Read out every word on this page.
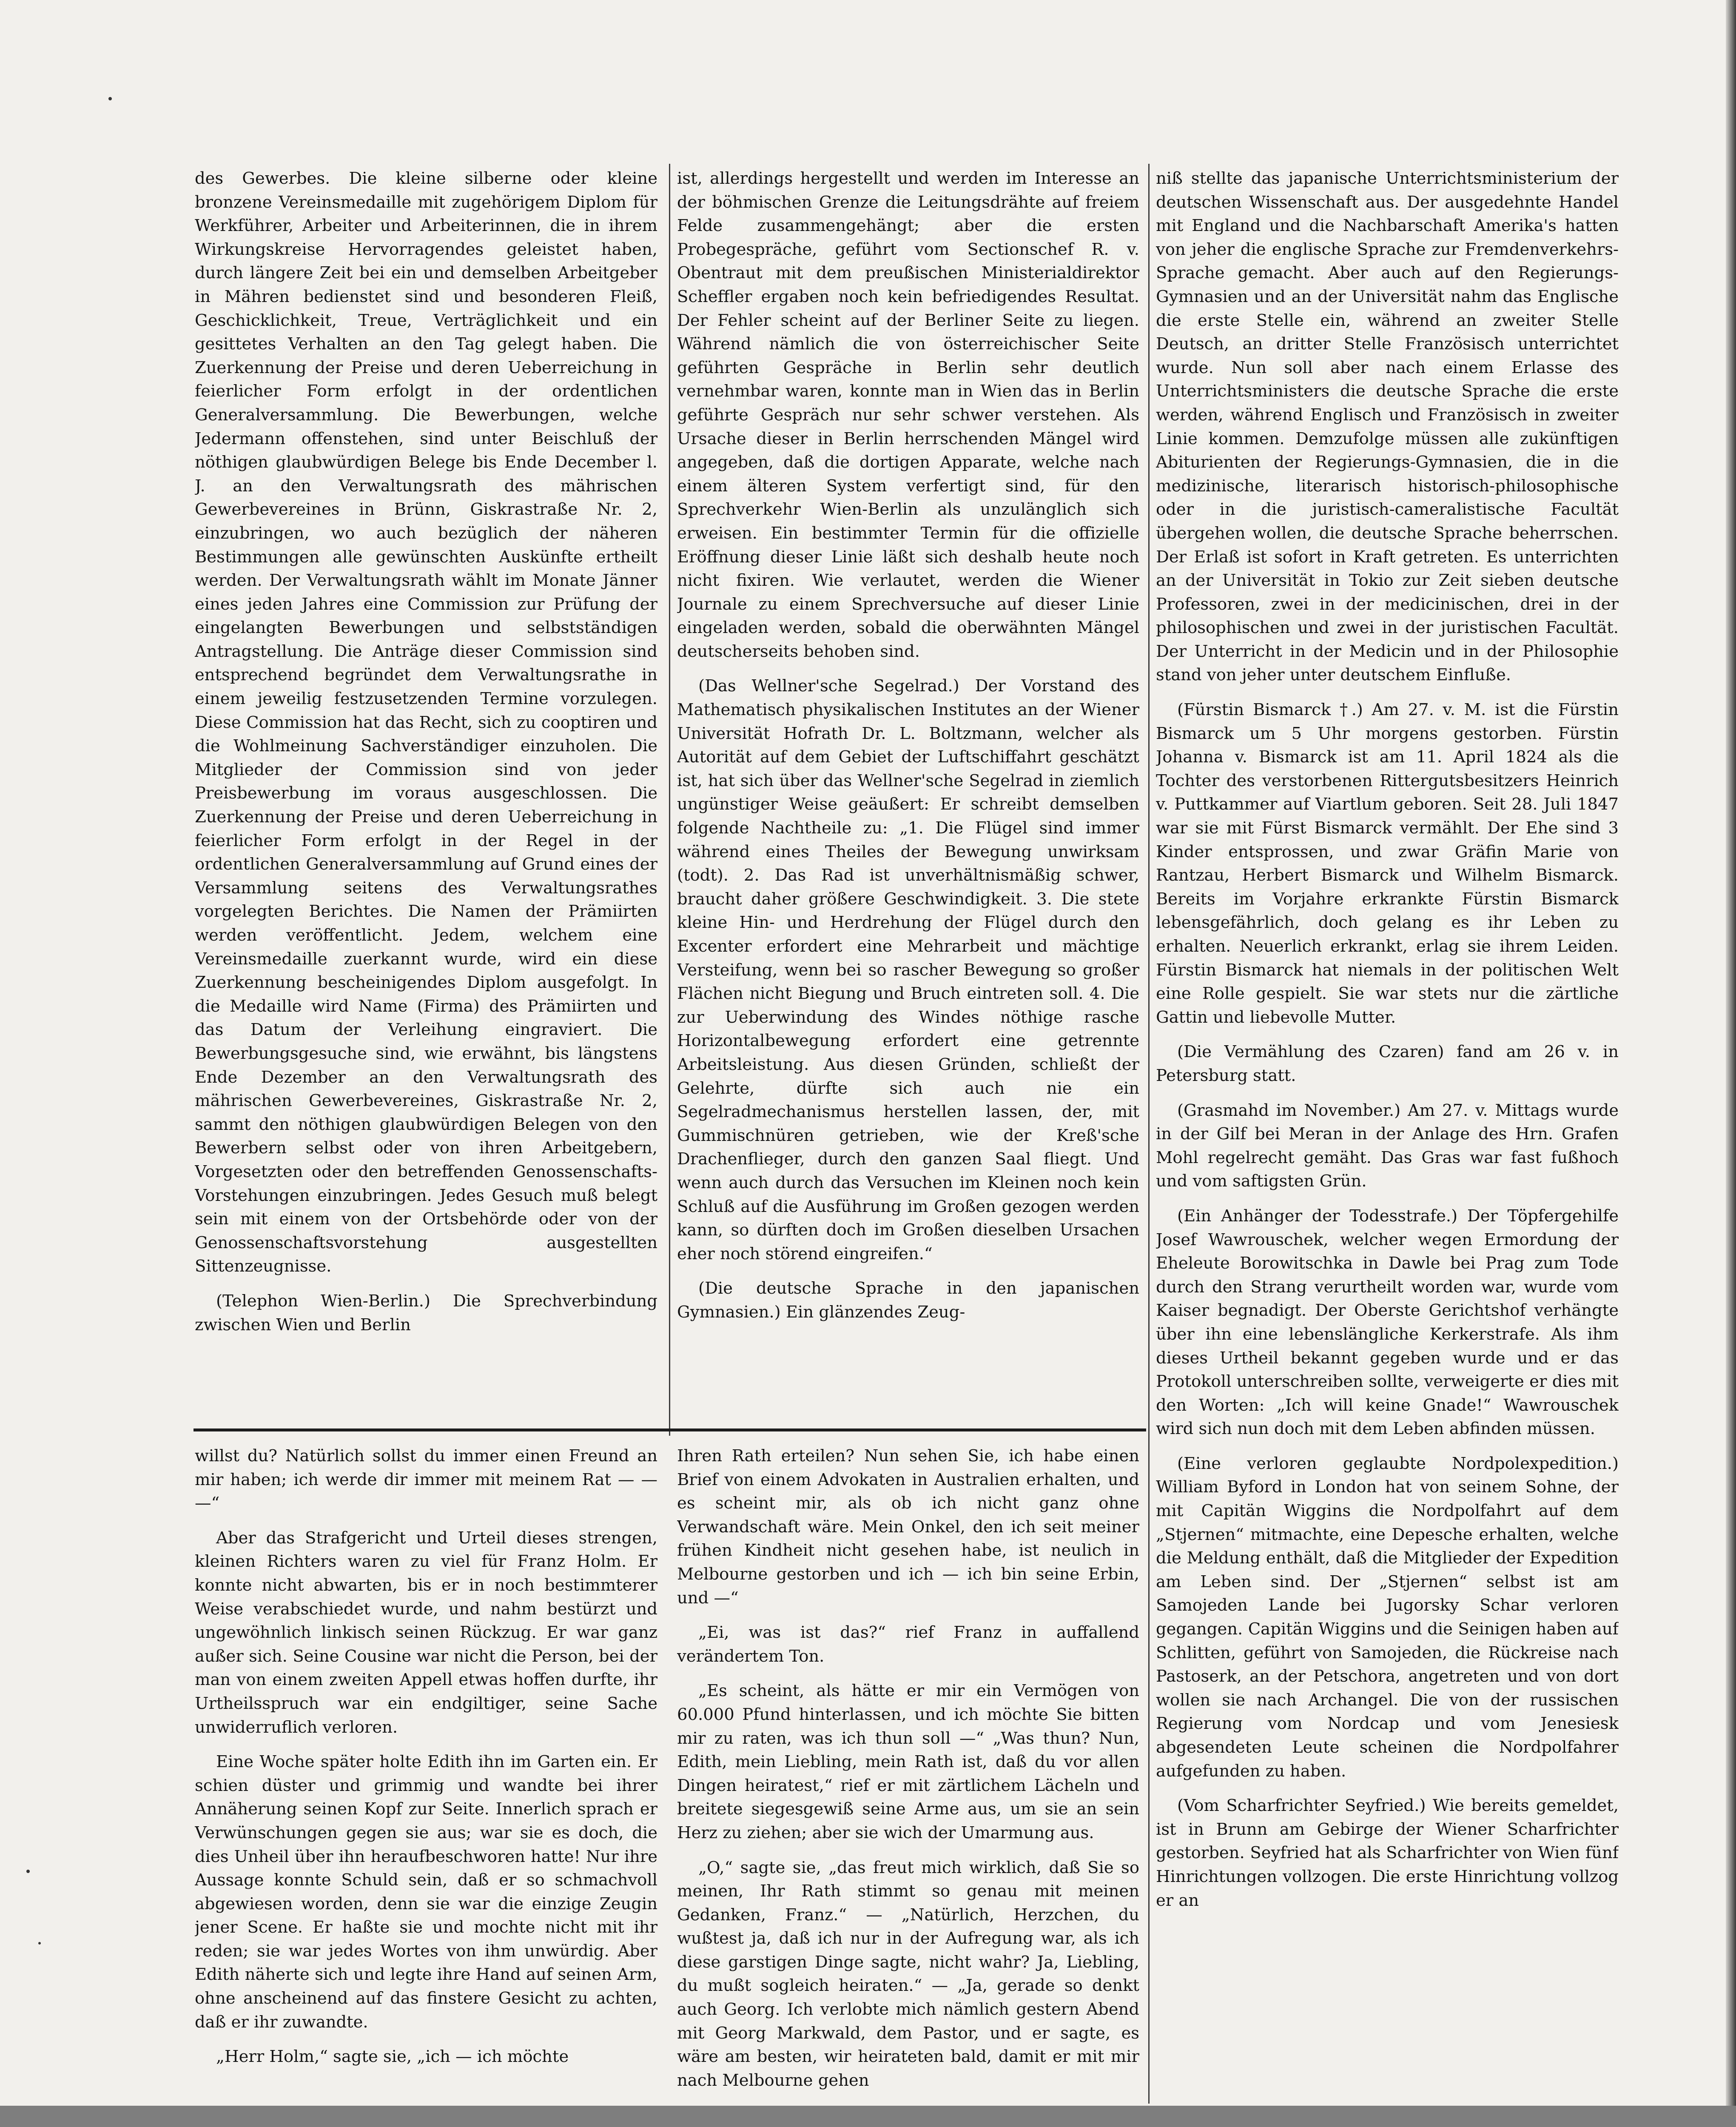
des Gewerbes. Die kleine silberne oder kleine bronzene Vereinsmedaille mit zugehörigem Diplom für Werkführer, Arbeiter und Arbeiterinnen, die in ihrem Wirkungskreise Hervorragendes geleistet haben, durch längere Zeit bei ein und demselben Arbeitgeber in Mähren bedienstet sind und besonderen Fleiß, Geschicklichkeit, Treue, Verträglichkeit und ein gesittetes Verhalten an den Tag gelegt haben. Die Zuerkennung der Preise und deren Ueberreichung in feierlicher Form erfolgt in der ordentlichen Generalversammlung. Die Bewerbungen, welche Jedermann offenstehen, sind unter Beischluß der nöthigen glaubwürdigen Belege bis Ende December l. J. an den Verwaltungsrath des mährischen Gewerbevereines in Brünn, Giskrastraße Nr. 2, einzubringen, wo auch bezüglich der näheren Bestimmungen alle gewünschten Auskünfte ertheilt werden. Der Verwaltungsrath wählt im Monate Jänner eines jeden Jahres eine Commission zur Prüfung der eingelangten Bewerbungen und selbstständigen Antragstellung. Die Anträge dieser Commission sind entsprechend begründet dem Verwaltungsrathe in einem jeweilig festzusetzenden Termine vorzulegen. Diese Commission hat das Recht, sich zu cooptiren und die Wohlmeinung Sachverständiger einzuholen. Die Mitglieder der Commission sind von jeder Preisbewerbung im voraus ausgeschlossen. Die Zuerkennung der Preise und deren Ueberreichung in feierlicher Form erfolgt in der Regel in der ordentlichen Generalversammlung auf Grund eines der Versammlung seitens des Verwaltungsrathes vorgelegten Berichtes. Die Namen der Prämiirten werden veröffentlicht. Jedem, welchem eine Vereinsmedaille zuerkannt wurde, wird ein diese Zuerkennung bescheinigendes Diplom ausgefolgt. In die Medaille wird Name (Firma) des Prämiirten und das Datum der Verleihung eingraviert. Die Bewerbungsgesuche sind, wie erwähnt, bis längstens Ende Dezember an den Verwaltungsrath des mährischen Gewerbevereines, Giskrastraße Nr. 2, sammt den nöthigen glaubwürdigen Belegen von den Bewerbern selbst oder von ihren Arbeitgebern, Vorgesetzten oder den betreffenden Genossenschafts-Vorstehungen einzubringen. Jedes Gesuch muß belegt sein mit einem von der Ortsbehörde oder von der Genossenschaftsvorstehung ausgestellten Sittenzeugnisse.

(Telephon Wien-Berlin.) Die Sprechverbindung zwischen Wien und Berlin

ist, allerdings hergestellt und werden im Interesse an der böhmischen Grenze die Leitungsdrähte auf freiem Felde zusammengehängt; aber die ersten Probegespräche, geführt vom Sectionschef R. v. Obentraut mit dem preußischen Ministerialdirektor Scheffler ergaben noch kein befriedigendes Resultat. Der Fehler scheint auf der Berliner Seite zu liegen. Während nämlich die von österreichischer Seite geführten Gespräche in Berlin sehr deutlich vernehmbar waren, konnte man in Wien das in Berlin geführte Gespräch nur sehr schwer verstehen. Als Ursache dieser in Berlin herrschenden Mängel wird angegeben, daß die dortigen Apparate, welche nach einem älteren System verfertigt sind, für den Sprechverkehr Wien-Berlin als unzulänglich sich erweisen. Ein bestimmter Termin für die offizielle Eröffnung dieser Linie läßt sich deshalb heute noch nicht fixiren. Wie verlautet, werden die Wiener Journale zu einem Sprechversuche auf dieser Linie eingeladen werden, sobald die oberwähnten Mängel deutscherseits behoben sind.

(Das Wellner'sche Segelrad.) Der Vorstand des Mathematisch physikalischen Institutes an der Wiener Universität Hofrath Dr. L. Boltzmann, welcher als Autorität auf dem Gebiet der Luftschiffahrt geschätzt ist, hat sich über das Wellner'sche Segelrad in ziemlich ungünstiger Weise geäußert: Er schreibt demselben folgende Nachtheile zu: „1. Die Flügel sind immer während eines Theiles der Bewegung unwirksam (todt). 2. Das Rad ist unverhältnismäßig schwer, braucht daher größere Geschwindigkeit. 3. Die stete kleine Hin- und Herdrehung der Flügel durch den Excenter erfordert eine Mehrarbeit und mächtige Versteifung, wenn bei so rascher Bewegung so großer Flächen nicht Biegung und Bruch eintreten soll. 4. Die zur Ueberwindung des Windes nöthige rasche Horizontalbewegung erfordert eine getrennte Arbeitsleistung. Aus diesen Gründen, schließt der Gelehrte, dürfte sich auch nie ein Segelradmechanismus herstellen lassen, der, mit Gummischnüren getrieben, wie der Kreß'sche Drachenflieger, durch den ganzen Saal fliegt. Und wenn auch durch das Versuchen im Kleinen noch kein Schluß auf die Ausführung im Großen gezogen werden kann, so dürften doch im Großen dieselben Ursachen eher noch störend eingreifen.“

(Die deutsche Sprache in den japanischen Gymnasien.) Ein glänzendes Zeug-

niß stellte das japanische Unterrichtsministerium der deutschen Wissenschaft aus. Der ausgedehnte Handel mit England und die Nachbarschaft Amerika's hatten von jeher die englische Sprache zur Fremdenverkehrs-Sprache gemacht. Aber auch auf den Regierungs-Gymnasien und an der Universität nahm das Englische die erste Stelle ein, während an zweiter Stelle Deutsch, an dritter Stelle Französisch unterrichtet wurde. Nun soll aber nach einem Erlasse des Unterrichtsministers die deutsche Sprache die erste werden, während Englisch und Französisch in zweiter Linie kommen. Demzufolge müssen alle zukünftigen Abiturienten der Regierungs-Gymnasien, die in die medizinische, literarisch historisch-philosophische oder in die juristisch-cameralistische Facultät übergehen wollen, die deutsche Sprache beherrschen. Der Erlaß ist sofort in Kraft getreten. Es unterrichten an der Universität in Tokio zur Zeit sieben deutsche Professoren, zwei in der medicinischen, drei in der philosophischen und zwei in der juristischen Facultät. Der Unterricht in der Medicin und in der Philosophie stand von jeher unter deutschem Einfluße.

(Fürstin Bismarck †.) Am 27. v. M. ist die Fürstin Bismarck um 5 Uhr morgens gestorben. Fürstin Johanna v. Bismarck ist am 11. April 1824 als die Tochter des verstorbenen Rittergutsbesitzers Heinrich v. Puttkammer auf Viartlum geboren. Seit 28. Juli 1847 war sie mit Fürst Bismarck vermählt. Der Ehe sind 3 Kinder entsprossen, und zwar Gräfin Marie von Rantzau, Herbert Bismarck und Wilhelm Bismarck. Bereits im Vorjahre erkrankte Fürstin Bismarck lebensgefährlich, doch gelang es ihr Leben zu erhalten. Neuerlich erkrankt, erlag sie ihrem Leiden. Fürstin Bismarck hat niemals in der politischen Welt eine Rolle gespielt. Sie war stets nur die zärtliche Gattin und liebevolle Mutter.

(Die Vermählung des Czaren) fand am 26 v. in Petersburg statt.

(Grasmahd im November.) Am 27. v. Mittags wurde in der Gilf bei Meran in der Anlage des Hrn. Grafen Mohl regelrecht gemäht. Das Gras war fast fußhoch und vom saftigsten Grün.

(Ein Anhänger der Todesstrafe.) Der Töpfergehilfe Josef Wawrouschek, welcher wegen Ermordung der Eheleute Borowitschka in Dawle bei Prag zum Tode durch den Strang verurtheilt worden war, wurde vom Kaiser begnadigt. Der Oberste Gerichtshof verhängte über ihn eine lebenslängliche Kerkerstrafe. Als ihm dieses Urtheil bekannt gegeben wurde und er das Protokoll unterschreiben sollte, verweigerte er dies mit den Worten: „Ich will keine Gnade!“ Wawrouschek wird sich nun doch mit dem Leben abfinden müssen.

(Eine verloren geglaubte Nordpolexpedition.) William Byford in London hat von seinem Sohne, der mit Capitän Wiggins die Nordpolfahrt auf dem „Stjernen“ mitmachte, eine Depesche erhalten, welche die Meldung enthält, daß die Mitglieder der Expedition am Leben sind. Der „Stjernen“ selbst ist am Samojeden Lande bei Jugorsky Schar verloren gegangen. Capitän Wiggins und die Seinigen haben auf Schlitten, geführt von Samojeden, die Rückreise nach Pastoserk, an der Petschora, angetreten und von dort wollen sie nach Archangel. Die von der russischen Regierung vom Nordcap und vom Jenesiesk abgesendeten Leute scheinen die Nordpolfahrer aufgefunden zu haben.

(Vom Scharfrichter Seyfried.) Wie bereits gemeldet, ist in Brunn am Gebirge der Wiener Scharfrichter gestorben. Seyfried hat als Scharfrichter von Wien fünf Hinrichtungen vollzogen. Die erste Hinrichtung vollzog er an

willst du? Natürlich sollst du immer einen Freund an mir haben; ich werde dir immer mit meinem Rat — — —“

Aber das Strafgericht und Urteil dieses strengen, kleinen Richters waren zu viel für Franz Holm. Er konnte nicht abwarten, bis er in noch bestimmterer Weise verabschiedet wurde, und nahm bestürzt und ungewöhnlich linkisch seinen Rückzug. Er war ganz außer sich. Seine Cousine war nicht die Person, bei der man von einem zweiten Appell etwas hoffen durfte, ihr Urtheilsspruch war ein endgiltiger, seine Sache unwiderruflich verloren.

Eine Woche später holte Edith ihn im Garten ein. Er schien düster und grimmig und wandte bei ihrer Annäherung seinen Kopf zur Seite. Innerlich sprach er Verwünschungen gegen sie aus; war sie es doch, die dies Unheil über ihn heraufbeschworen hatte! Nur ihre Aussage konnte Schuld sein, daß er so schmachvoll abgewiesen worden, denn sie war die einzige Zeugin jener Scene. Er haßte sie und mochte nicht mit ihr reden; sie war jedes Wortes von ihm unwürdig. Aber Edith näherte sich und legte ihre Hand auf seinen Arm, ohne anscheinend auf das finstere Gesicht zu achten, daß er ihr zuwandte.

„Herr Holm,“ sagte sie, „ich — ich möchte

Ihren Rath erteilen? Nun sehen Sie, ich habe einen Brief von einem Advokaten in Australien erhalten, und es scheint mir, als ob ich nicht ganz ohne Verwandschaft wäre. Mein Onkel, den ich seit meiner frühen Kindheit nicht gesehen habe, ist neulich in Melbourne gestorben und ich — ich bin seine Erbin, und —“

„Ei, was ist das?“ rief Franz in auffallend verändertem Ton.

„Es scheint, als hätte er mir ein Vermögen von 60.000 Pfund hinterlassen, und ich möchte Sie bitten mir zu raten, was ich thun soll —“ „Was thun? Nun, Edith, mein Liebling, mein Rath ist, daß du vor allen Dingen heiratest,“ rief er mit zärtlichem Lächeln und breitete siegesgewiß seine Arme aus, um sie an sein Herz zu ziehen; aber sie wich der Umarmung aus.

„O,“ sagte sie, „das freut mich wirklich, daß Sie so meinen, Ihr Rath stimmt so genau mit meinen Gedanken, Franz.“ — „Natürlich, Herzchen, du wußtest ja, daß ich nur in der Aufregung war, als ich diese garstigen Dinge sagte, nicht wahr? Ja, Liebling, du mußt sogleich heiraten.“ — „Ja, gerade so denkt auch Georg. Ich verlobte mich nämlich gestern Abend mit Georg Markwald, dem Pastor, und er sagte, es wäre am besten, wir heirateten bald, damit er mit mir nach Melbourne gehen
